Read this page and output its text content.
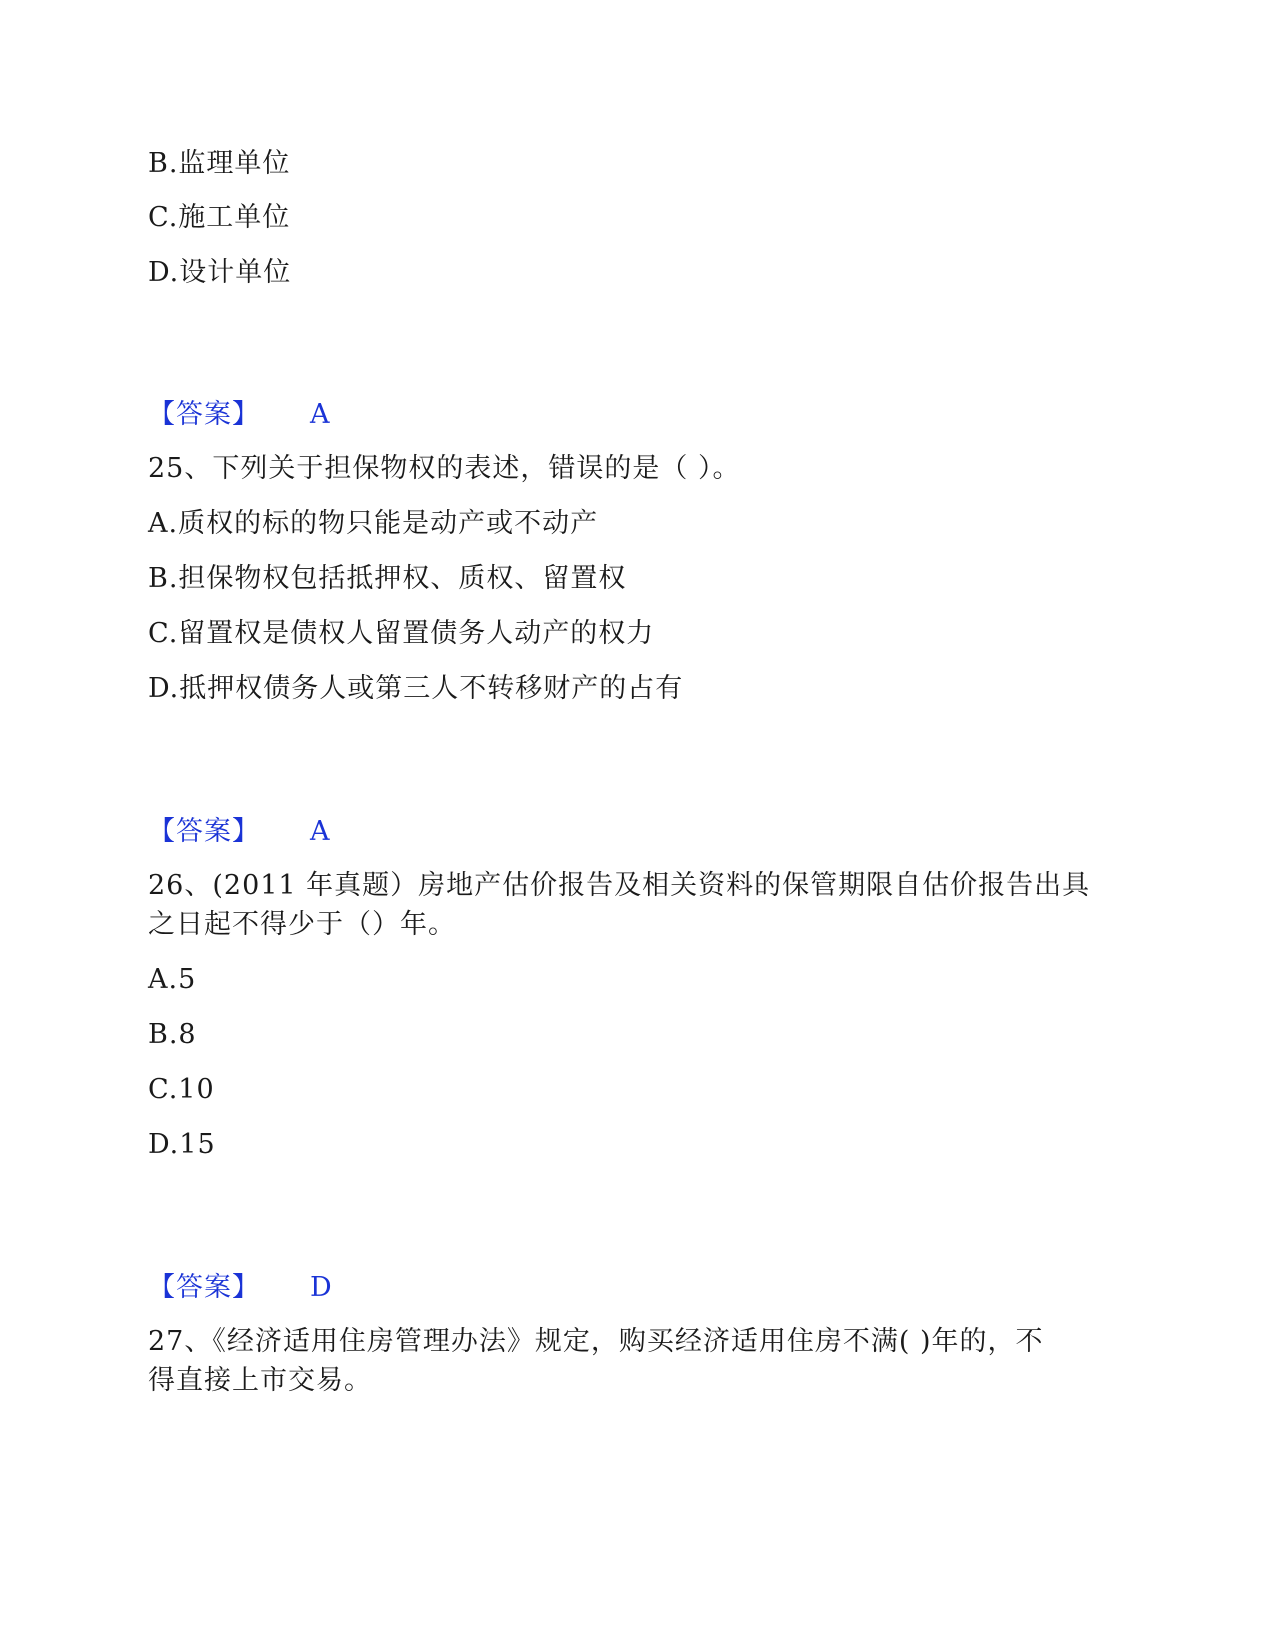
B.监理单位
C.施工单位
D.设计单位
【答案】 A
25、下列关于担保物权的表述，错误的是（ ）。
A.质权的标的物只能是动产或不动产
B.担保物权包括抵押权、质权、留置权
C.留置权是债权人留置债务人动产的权力
D.抵押权债务人或第三人不转移财产的占有
【答案】 A
26、(2011 年真题）房地产估价报告及相关资料的保管期限自估价报告出具
之日起不得少于（）年。
A.5
B.8
C.10
D.15
【答案】 D
27、《经济适用住房管理办法》规定，购买经济适用住房不满( )年的，不
得直接上市交易。
